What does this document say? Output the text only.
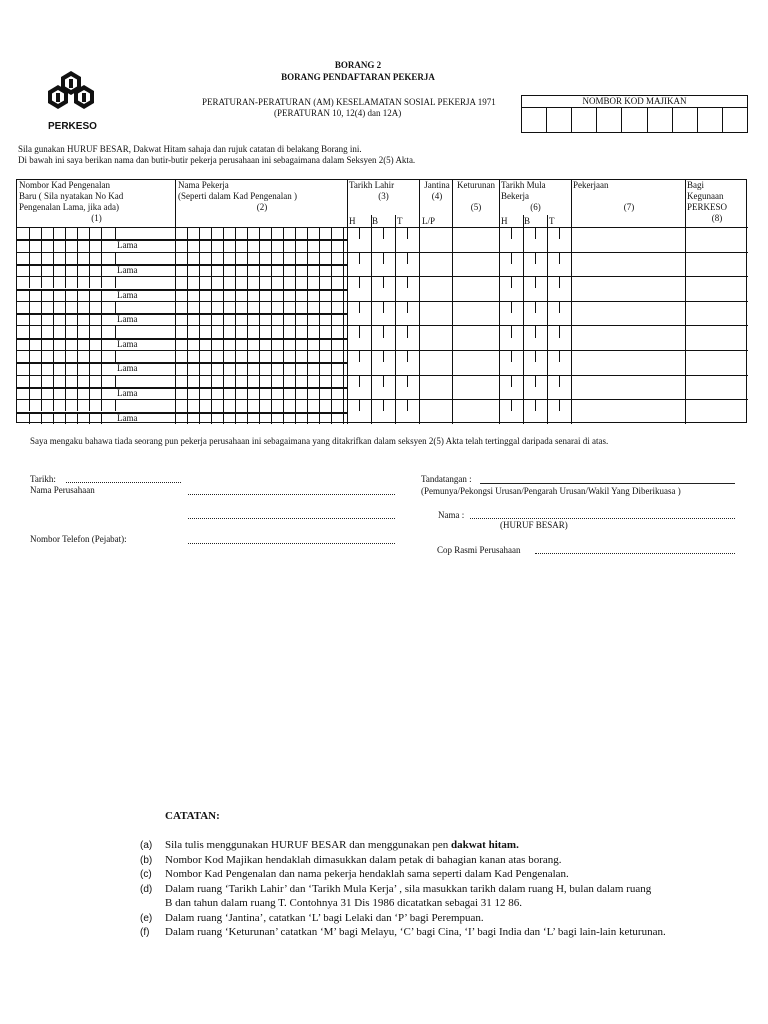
PERKESO
BORANG 2
BORANG PENDAFTARAN PEKERJA
PERATURAN-PERATURAN (AM) KESELAMATAN SOSIAL PEKERJA 1971
(PERATURAN 10, 12(4) dan 12A)
NOMBOR KOD MAJIKAN
Sila gunakan HURUF BESAR, Dakwat Hitam sahaja dan rujuk catatan di belakang Borang ini.
Di bawah ini saya berikan nama dan butir-butir pekerja perusahaan ini sebagaimana dalam Seksyen 2(5) Akta.
Nombor Kad Pengenalan
Baru ( Sila nyatakan No Kad
Pengenalan Lama, jika ada)
(1)
Nama Pekerja
(Seperti dalam Kad Pengenalan )
(2)
Tarikh Lahir
(3)
Jantina
(4)
Keturunan
(5)
Tarikh Mula
Bekerja
(6)
Pekerjaan
(7)
Bagi
Kegunaan
PERKESO
(8)
H B T L/P	H B T
Lama
Lama
Lama
Lama
Lama
Lama
Lama
Lama
Saya mengaku bahawa tiada seorang pun pekerja perusahaan ini sebagaimana yang ditakrifkan dalam seksyen 2(5) Akta telah tertinggal daripada senarai di atas.
Tarikh:
Nama Perusahaan
Nombor Telefon (Pejabat):
Tandatangan :
(Pemunya/Pekongsi Urusan/Pengarah Urusan/Wakil Yang Diberikuasa )
Nama :
(HURUF BESAR)
Cop Rasmi Perusahaan
CATATAN:
(a) Sila tulis menggunakan HURUF BESAR dan menggunakan pen dakwat hitam.
(b) Nombor Kod Majikan hendaklah dimasukkan dalam petak di bahagian kanan atas borang.
(c) Nombor Kad Pengenalan dan nama pekerja hendaklah sama seperti dalam Kad Pengenalan.
(d) Dalam ruang ‘Tarikh Lahir’ dan ‘Tarikh Mula Kerja’ , sila masukkan tarikh dalam ruang H, bulan dalam ruang
B dan tahun dalam ruang T. Contohnya 31 Dis 1986 dicatatkan sebagai 31 12 86.
(e) Dalam ruang ‘Jantina’, catatkan ‘L’ bagi Lelaki dan ‘P’ bagi Perempuan.
(f) Dalam ruang ‘Keturunan’ catatkan ‘M’ bagi Melayu, ‘C’ bagi Cina, ‘I’ bagi India dan ‘L’ bagi lain-lain keturunan.
